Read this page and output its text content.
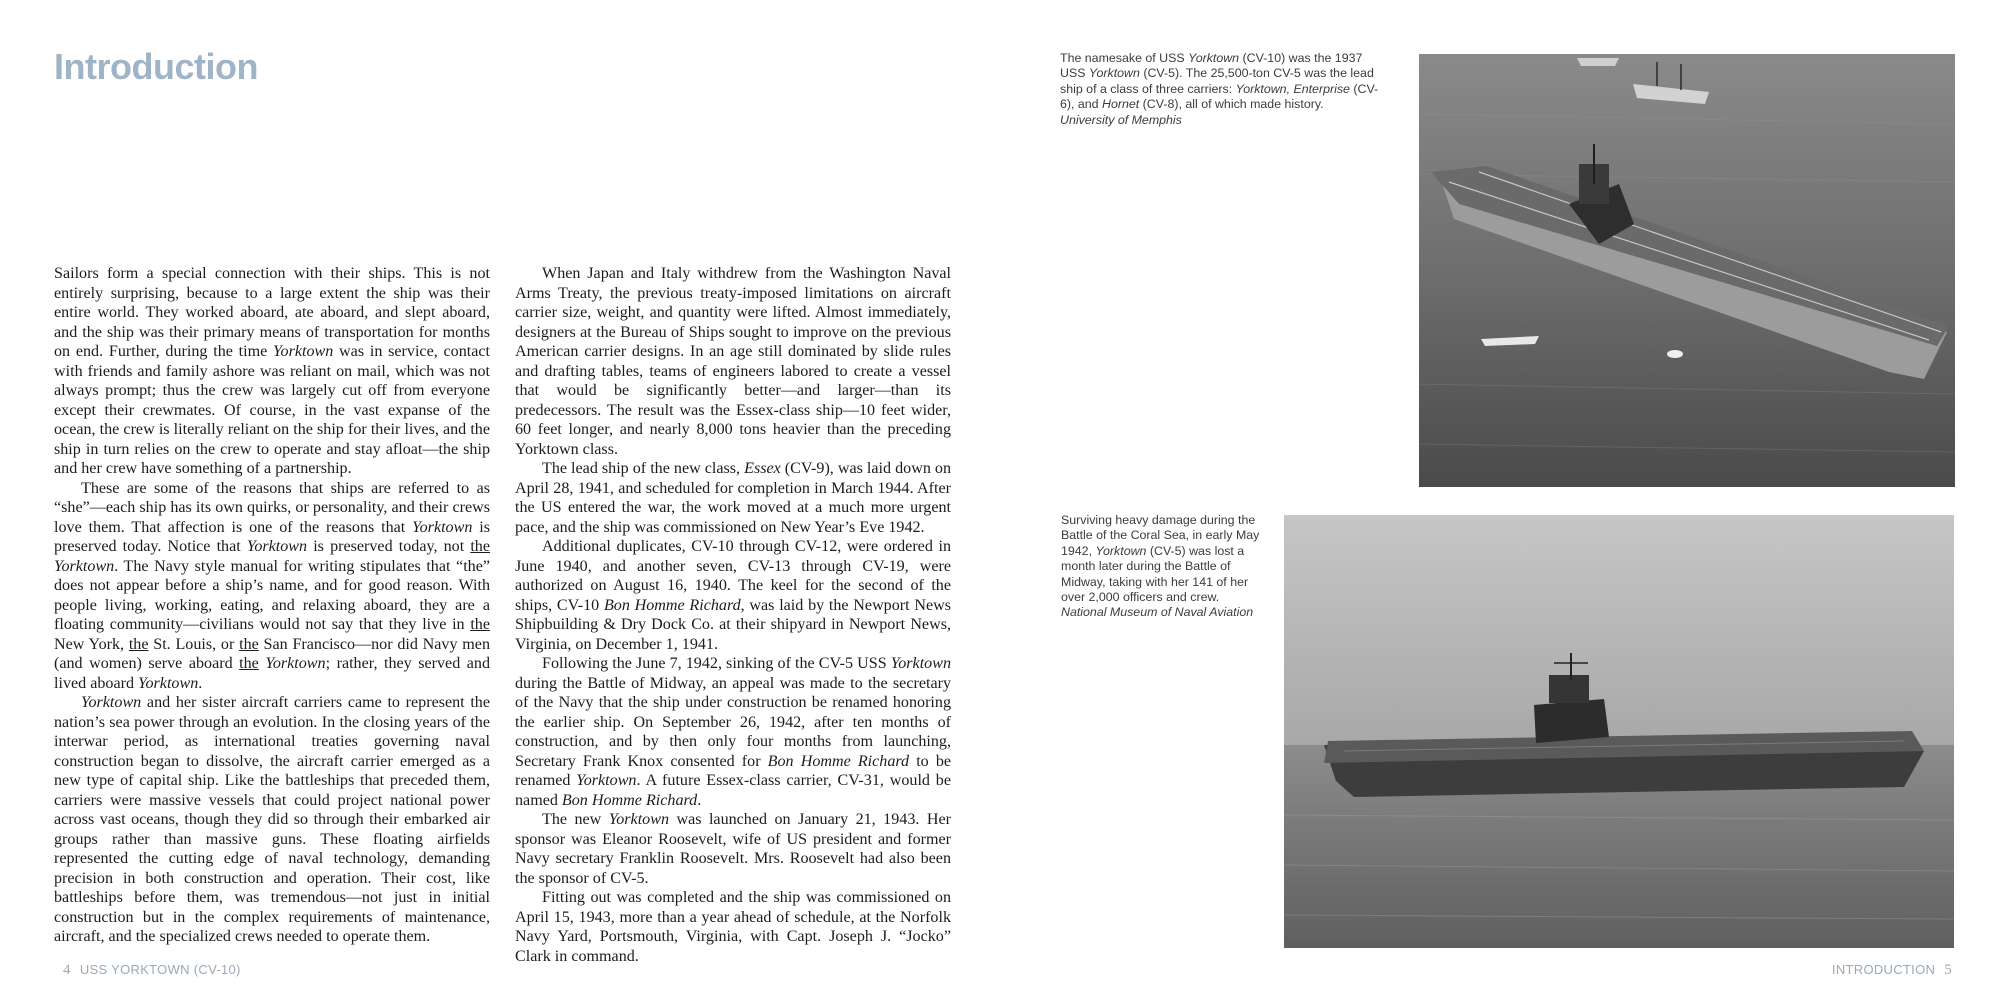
Introduction

Sailors form a special connection with their ships. This is not entirely surprising, because to a large extent the ship was their entire world. They worked aboard, ate aboard, and slept aboard, and the ship was their primary means of transportation for months on end. Further, during the time Yorktown was in service, contact with friends and family ashore was reliant on mail, which was not always prompt; thus the crew was largely cut off from everyone except their crewmates. Of course, in the vast expanse of the ocean, the crew is literally reliant on the ship for their lives, and the ship in turn relies on the crew to operate and stay afloat—the ship and her crew have something of a partnership.

These are some of the reasons that ships are referred to as “she”—each ship has its own quirks, or personality, and their crews love them. That affection is one of the reasons that Yorktown is preserved today. Notice that Yorktown is preserved today, not the Yorktown. The Navy style manual for writing stipulates that “the” does not appear before a ship’s name, and for good reason. With people living, working, eating, and relaxing aboard, they are a floating community—civilians would not say that they live in the New York, the St. Louis, or the San Francisco—nor did Navy men (and women) serve aboard the Yorktown; rather, they served and lived aboard Yorktown.

Yorktown and her sister aircraft carriers came to represent the nation’s sea power through an evolution. In the closing years of the interwar period, as international treaties governing naval construction began to dissolve, the aircraft carrier emerged as a new type of capital ship. Like the battleships that preceded them, carriers were massive vessels that could project national power across vast oceans, though they did so through their embarked air groups rather than massive guns. These floating airfields represented the cutting edge of naval technology, demanding precision in both construction and operation. Their cost, like battleships before them, was tremendous—not just in initial construction but in the complex requirements of maintenance, aircraft, and the specialized crews needed to operate them.

When Japan and Italy withdrew from the Washington Naval Arms Treaty, the previous treaty-imposed limitations on aircraft carrier size, weight, and quantity were lifted. Almost immediately, designers at the Bureau of Ships sought to improve on the previous American carrier designs. In an age still dominated by slide rules and drafting tables, teams of engineers labored to create a vessel that would be significantly better—and larger—than its predecessors. The result was the Essex-class ship—10 feet wider, 60 feet longer, and nearly 8,000 tons heavier than the preceding Yorktown class.

The lead ship of the new class, Essex (CV-9), was laid down on April 28, 1941, and scheduled for completion in March 1944. After the US entered the war, the work moved at a much more urgent pace, and the ship was commissioned on New Year’s Eve 1942.

Additional duplicates, CV-10 through CV-12, were ordered in June 1940, and another seven, CV-13 through CV-19, were authorized on August 16, 1940. The keel for the second of the ships, CV-10 Bon Homme Richard, was laid by the Newport News Shipbuilding & Dry Dock Co. at their shipyard in Newport News, Virginia, on December 1, 1941.

Following the June 7, 1942, sinking of the CV-5 USS Yorktown during the Battle of Midway, an appeal was made to the secretary of the Navy that the ship under construction be renamed honoring the earlier ship. On September 26, 1942, after ten months of construction, and by then only four months from launching, Secretary Frank Knox consented for Bon Homme Richard to be renamed Yorktown. A future Essex-class carrier, CV-31, would be named Bon Homme Richard.

The new Yorktown was launched on January 21, 1943. Her sponsor was Eleanor Roosevelt, wife of US president and former Navy secretary Franklin Roosevelt. Mrs. Roosevelt had also been the sponsor of CV-5.

Fitting out was completed and the ship was commissioned on April 15, 1943, more than a year ahead of schedule, at the Norfolk Navy Yard, Portsmouth, Virginia, with Capt. Joseph J. “Jocko” Clark in command.

4 USS YORKTOWN (CV-10)
The namesake of USS Yorktown (CV-10) was the 1937 USS Yorktown (CV-5). The 25,500-ton CV-5 was the lead ship of a class of three carriers: Yorktown, Enterprise (CV-6), and Hornet (CV-8), all of which made history.
University of Memphis
Surviving heavy damage during the Battle of the Coral Sea, in early May 1942, Yorktown (CV-5) was lost a month later during the Battle of Midway, taking with her 141 of her over 2,000 officers and crew.
National Museum of Naval Aviation
INTRODUCTION 5
